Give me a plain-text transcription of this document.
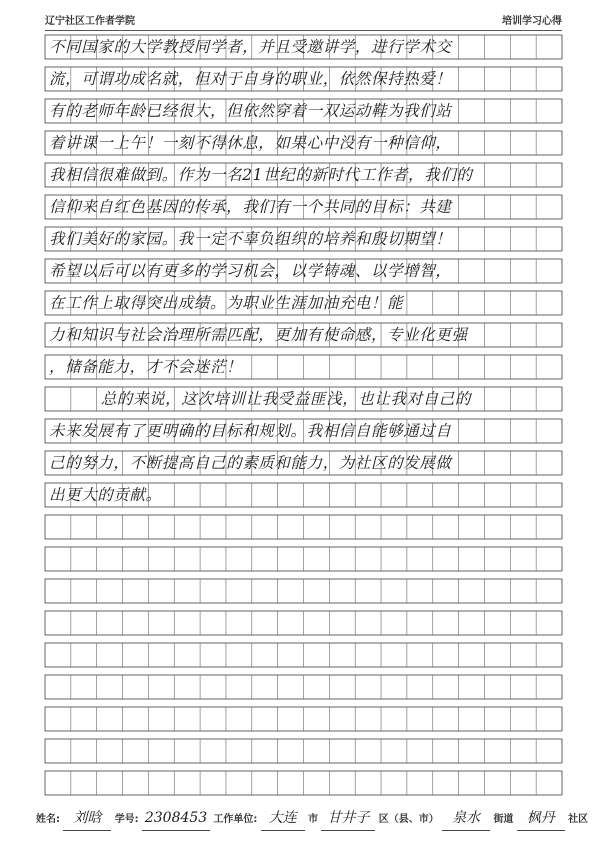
辽宁社区工作者学院	培训学习心得
不同国家的大学教授同学者，并且受邀讲学，进行学术交
流，可谓功成名就，但对于自身的职业，依然保持热爱！
有的老师年龄已经很大，但依然穿着一双运动鞋为我们站
着讲课一上午！一刻不得休息，如果心中没有一种信仰，
我相信很难做到。作为一名21世纪的新时代工作者，我们的
信仰来自红色基因的传承，我们有一个共同的目标：共建
我们美好的家园。我一定不辜负组织的培养和殷切期望！
希望以后可以有更多的学习机会，以学铸魂、以学增智，
在工作上取得突出成绩。为职业生涯加油充电！能
力和知识与社会治理所需匹配，更加有使命感，专业化更强
，储备能力，才不会迷茫！
总的来说，这次培训让我受益匪浅，也让我对自己的
未来发展有了更明确的目标和规划。我相信自能够通过自
己的努力，不断提高自己的素质和能力，为社区的发展做
出更大的贡献。
姓名: 刘晗 学号: 2308453 工作单位: 大连 市 甘井子 区（县、市） 泉水 街道 枫丹 社区
